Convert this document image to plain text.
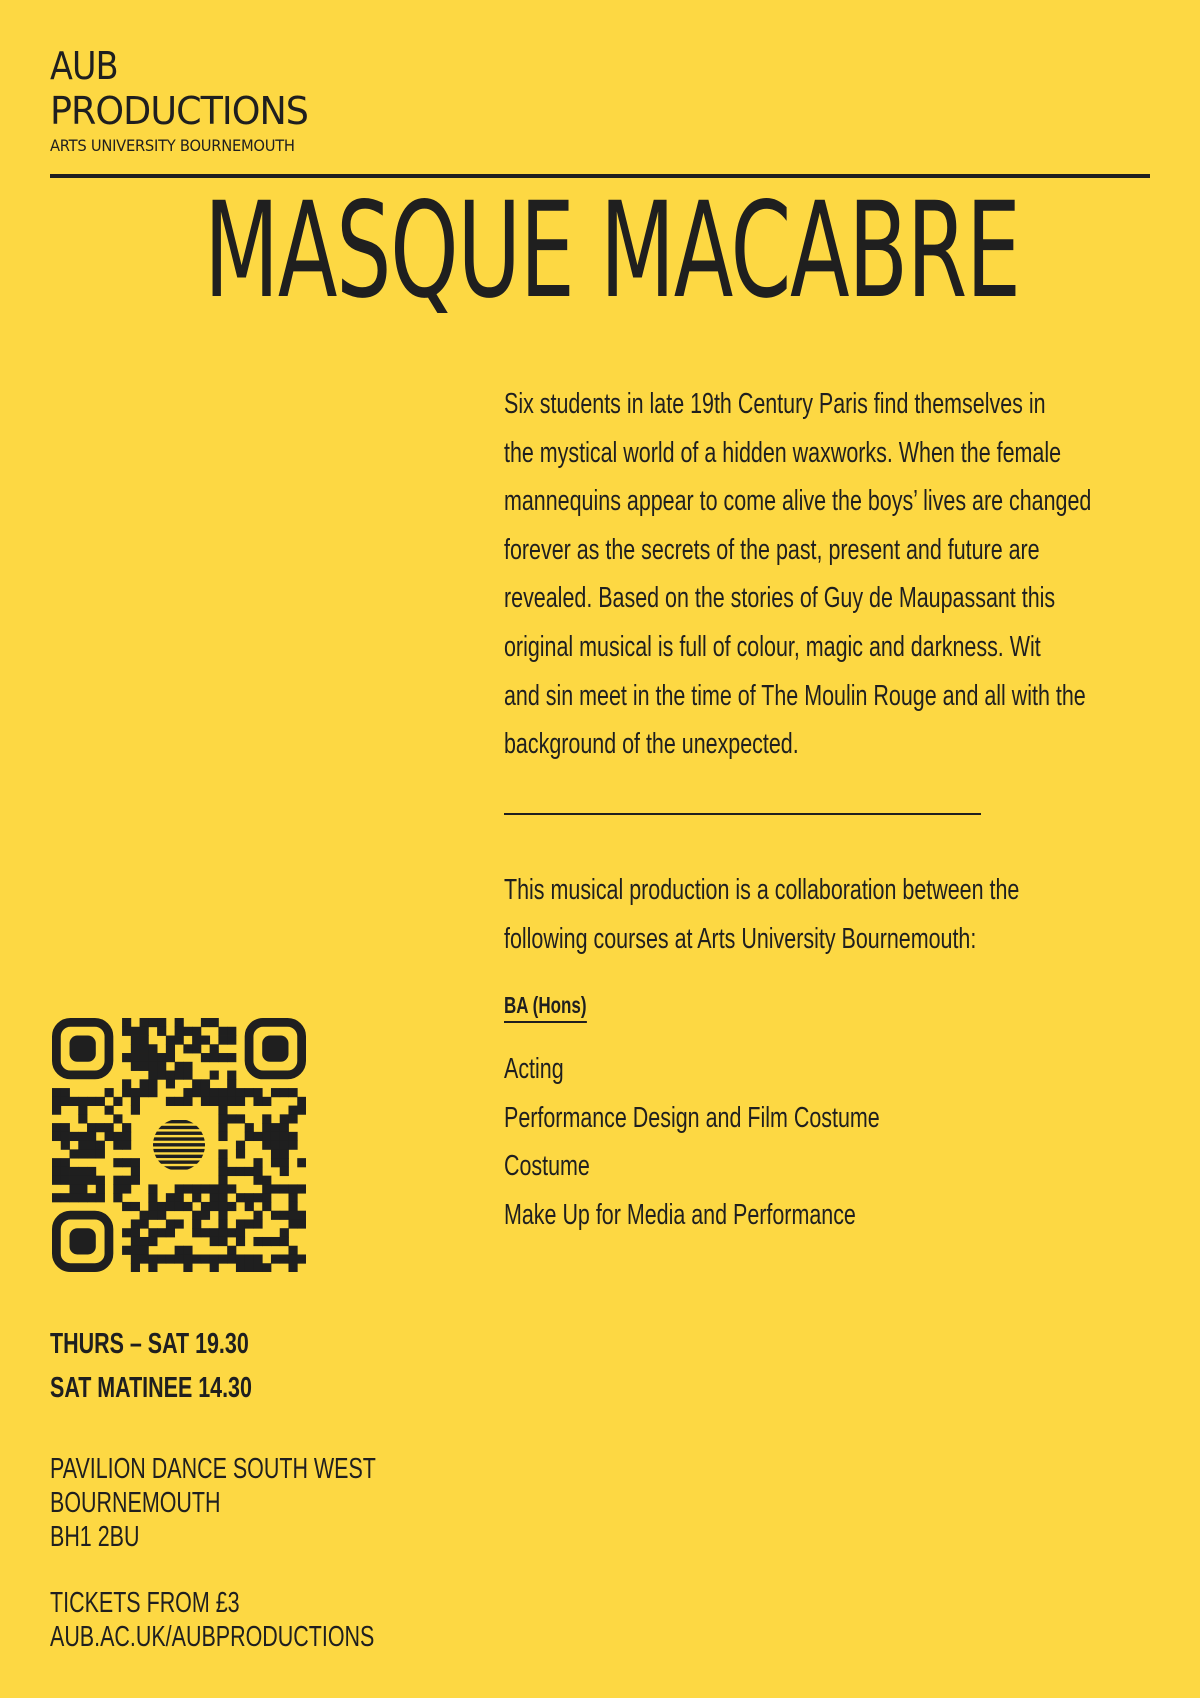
AUB
PRODUCTIONS
ARTS UNIVERSITY BOURNEMOUTH
MASQUE MACABRE
Six students in late 19th Century Paris find themselves in
the mystical world of a hidden waxworks. When the female
mannequins appear to come alive the boys’ lives are changed
forever as the secrets of the past, present and future are
revealed. Based on the stories of Guy de Maupassant this
original musical is full of colour, magic and darkness. Wit
and sin meet in the time of The Moulin Rouge and all with the
background of the unexpected.
This musical production is a collaboration between the
following courses at Arts University Bournemouth:
BA (Hons)
Acting
Performance Design and Film Costume
Costume
Make Up for Media and Performance
THURS – SAT 19.30
SAT MATINEE 14.30
PAVILION DANCE SOUTH WEST
BOURNEMOUTH
BH1 2BU
TICKETS FROM £3
AUB.AC.UK/AUBPRODUCTIONS
